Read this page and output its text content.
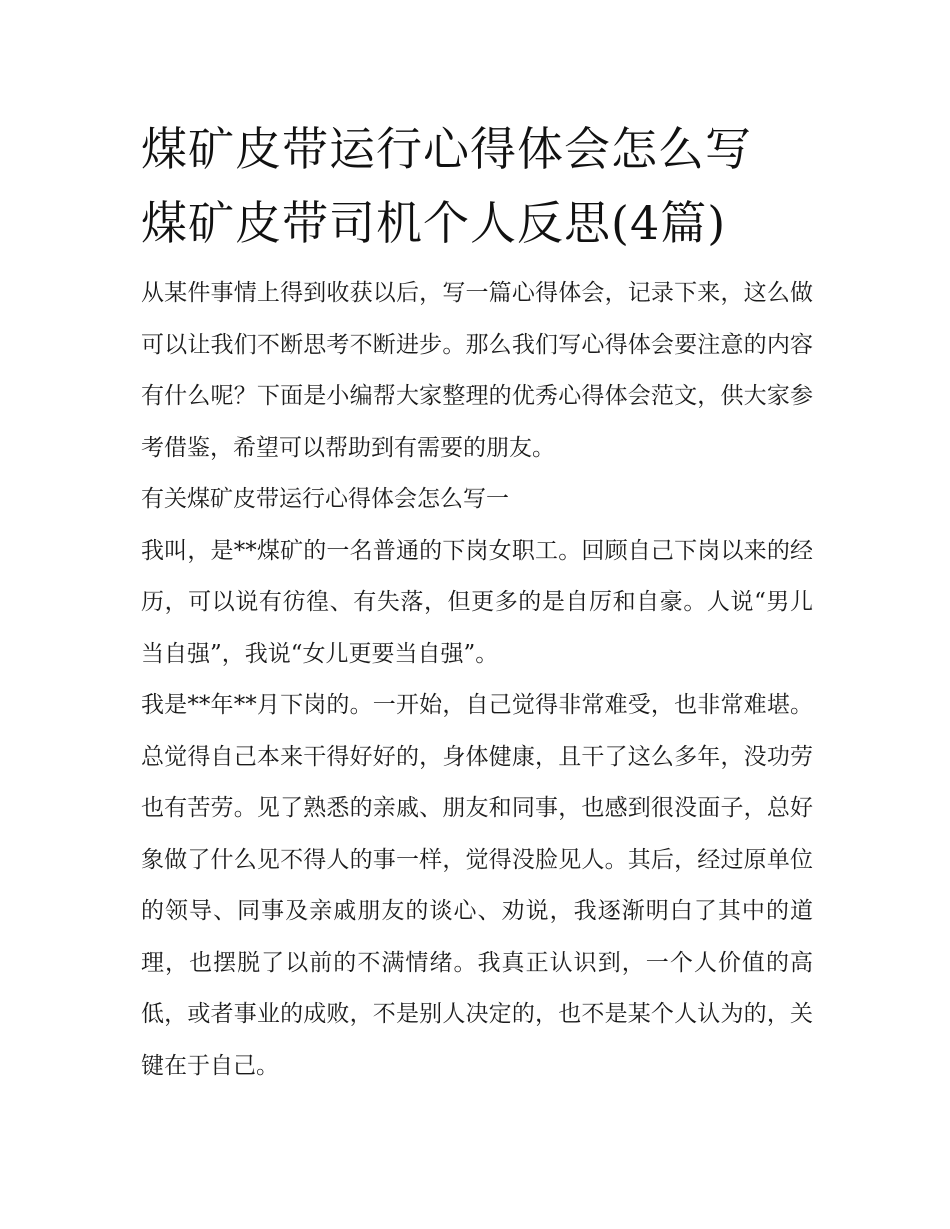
煤矿皮带运行心得体会怎么写
煤矿皮带司机个人反思(4篇)

从某件事情上得到收获以后，写一篇心得体会，记录下来，这么做可以让我们不断思考不断进步。那么我们写心得体会要注意的内容有什么呢？下面是小编帮大家整理的优秀心得体会范文，供大家参考借鉴，希望可以帮助到有需要的朋友。

有关煤矿皮带运行心得体会怎么写一

我叫，是**煤矿的一名普通的下岗女职工。回顾自己下岗以来的经历，可以说有彷徨、有失落，但更多的是自厉和自豪。人说“男儿当自强”，我说“女儿更要当自强”。

我是**年**月下岗的。一开始，自己觉得非常难受，也非常难堪。总觉得自己本来干得好好的，身体健康，且干了这么多年，没功劳也有苦劳。见了熟悉的亲戚、朋友和同事，也感到很没面子，总好象做了什么见不得人的事一样，觉得没脸见人。其后，经过原单位的领导、同事及亲戚朋友的谈心、劝说，我逐渐明白了其中的道理，也摆脱了以前的不满情绪。我真正认识到，一个人价值的高低，或者事业的成败，不是别人决定的，也不是某个人认为的，关键在于自己。
